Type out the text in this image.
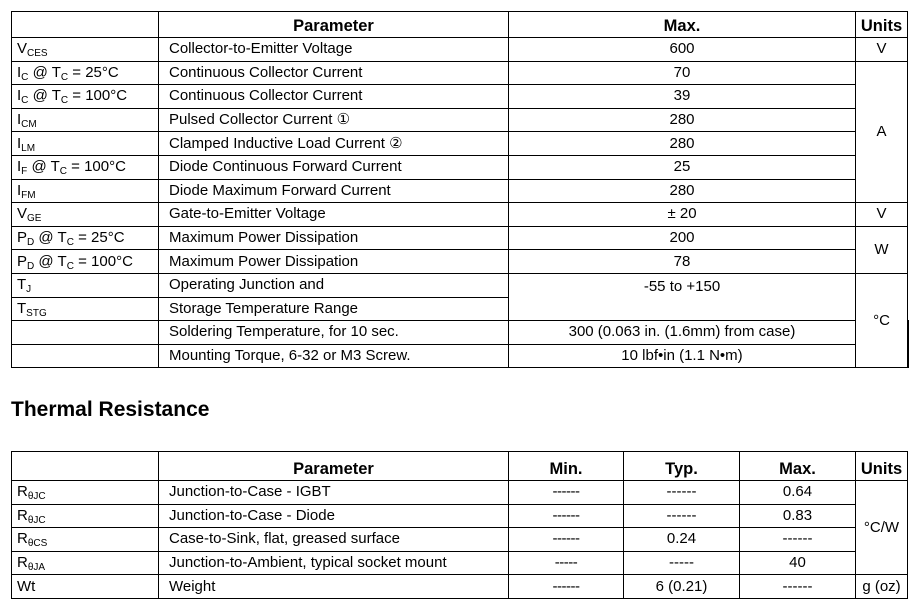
	Parameter	Max.	Units	
$V_{CES}$	Collector-to-Emitter Voltage	600	V	
$I_C$ @ $T_C = 25^\circ C$	Continuous Collector Current	70	A	
$I_C$ @ $T_C = 100^\circ C$	Continuous Collector Current	39		
$I_{CM}$	Pulsed Collector Current ①	280		
$I_{LM}$	Clamped Inductive Load Current ②	280		
$I_F$ @ $T_C = 100^\circ C$	Diode Continuous Forward Current	25		
$I_{FM}$	Diode Maximum Forward Current	280		
$V_{GE}$	Gate-to-Emitter Voltage	± 20	V	
$P_D$ @ $T_C = 25^\circ C$	Maximum Power Dissipation	200	W	
$P_D$ @ $T_C = 100^\circ C$	Maximum Power Dissipation	78		
$T_J$	Operating Junction and	-55 to +150	°C	
$T_{STG}$	Storage Temperature Range			
	Soldering Temperature, for 10 sec.	300 (0.063 in. (1.6mm) from case)		
	Mounting Torque, 6-32 or M3 Screw.	10 lbf•in (1.1 N•m)		
Thermal Resistance
	Parameter	Min.	Typ.	Max.	Units
$R_{\theta JC}$	Junction-to-Case - IGBT	------	------	0.64	°C/W
$R_{\theta JC}$	Junction-to-Case - Diode	------	------	0.83	
$R_{\theta CS}$	Case-to-Sink, flat, greased surface	------	0.24	------	
$R_{\theta JA}$	Junction-to-Ambient, typical socket mount	-----	-----	40	
Wt	Weight	------	6 (0.21)	------	g (oz)
